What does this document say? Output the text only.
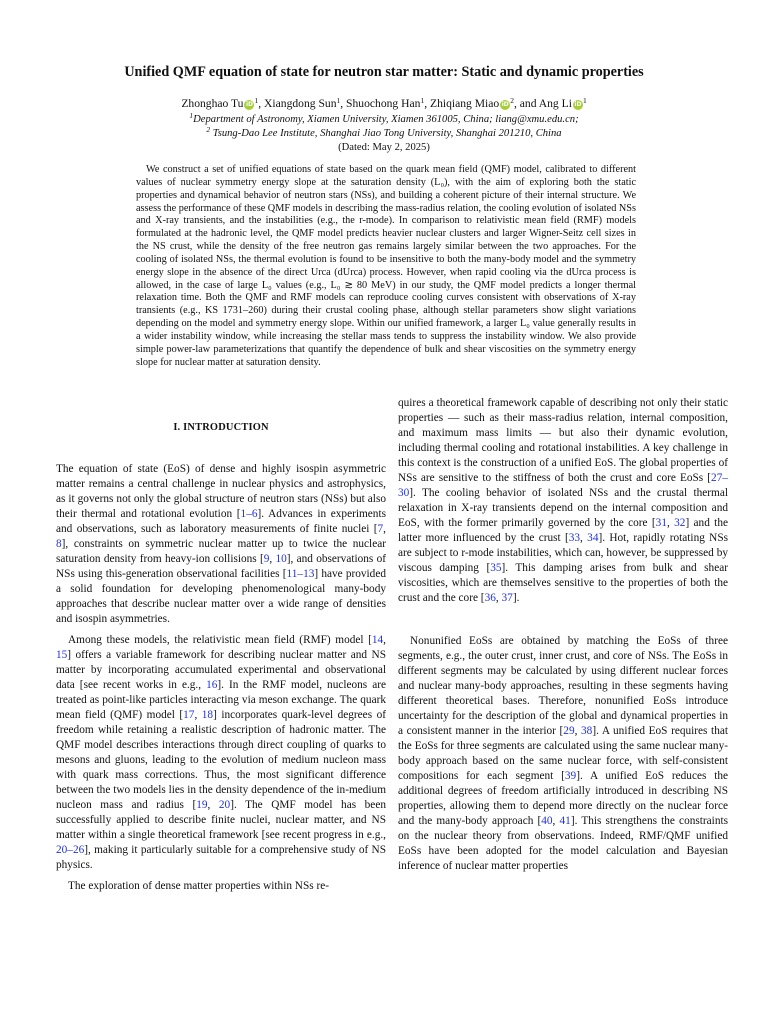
Unified QMF equation of state for neutron star matter: Static and dynamic properties
Zhonghao Tu $iD^1$, Xiangdong Sun$^1$, Shuochong Han$^1$, Zhiqiang Miao $iD^2$, and Ang Li $iD^1$
$^1$Department of Astronomy, Xiamen University, Xiamen 361005, China; liang@xmu.edu.cn;
$^2$ Tsung-Dao Lee Institute, Shanghai Jiao Tong University, Shanghai 201210, China
(Dated: May 2, 2025)
We construct a set of unified equations of state based on the quark mean field (QMF) model, calibrated to different values of nuclear symmetry energy slope at the saturation density (L₀), with the aim of exploring both the static properties and dynamical behavior of neutron stars (NSs), and building a coherent picture of their internal structure. We assess the performance of these QMF models in describing the mass-radius relation, the cooling evolution of isolated NSs and X-ray transients, and the instabilities (e.g., the r-mode). In comparison to relativistic mean field (RMF) models formulated at the hadronic level, the QMF model predicts heavier nuclear clusters and larger Wigner-Seitz cell sizes in the NS crust, while the density of the free neutron gas remains largely similar between the two approaches. For the cooling of isolated NSs, the thermal evolution is found to be insensitive to both the many-body model and the symmetry energy slope in the absence of the direct Urca (dUrca) process. However, when rapid cooling via the dUrca process is allowed, in the case of large L₀ values (e.g., L₀ ≳ 80 MeV) in our study, the QMF model predicts a longer thermal relaxation time. Both the QMF and RMF models can reproduce cooling curves consistent with observations of X-ray transients (e.g., KS 1731–260) during their crustal cooling phase, although stellar parameters show slight variations depending on the model and symmetry energy slope. Within our unified framework, a larger L₀ value generally results in a wider instability window, while increasing the stellar mass tends to suppress the instability window. We also provide simple power-law parameterizations that quantify the dependence of bulk and shear viscosities on the symmetry energy slope for nuclear matter at saturation density.
I. INTRODUCTION

The equation of state (EoS) of dense and highly isospin asymmetric matter remains a central challenge in nuclear physics and astrophysics, as it governs not only the global structure of neutron stars (NSs) but also their thermal and rotational evolution [1–6]. Advances in experiments and observations, such as laboratory measurements of finite nuclei [7, 8], constraints on symmetric nuclear matter up to twice the nuclear saturation density from heavy-ion collisions [9, 10], and observations of NSs using this-generation observational facilities [11–13] have provided a solid foundation for developing phenomenological many-body approaches that describe nuclear matter over a wide range of densities and isospin asymmetries.

Among these models, the relativistic mean field (RMF) model [14, 15] offers a variable framework for describing nuclear matter and NS matter by incorporating accumulated experimental and observational data [see recent works in e.g., 16]. In the RMF model, nucleons are treated as point-like particles interacting via meson exchange. The quark mean field (QMF) model [17, 18] incorporates quark-level degrees of freedom while retaining a realistic description of hadronic matter. The QMF model describes interactions through direct coupling of quarks to mesons and gluons, leading to the evolution of medium nucleon mass with quark mass corrections. Thus, the most significant difference between the two models lies in the density dependence of the in-medium nucleon mass and radius [19, 20]. The QMF model has been successfully applied to describe finite nuclei, nuclear matter, and NS matter within a single theoretical framework [see recent progress in e.g., 20–26], making it particularly suitable for a comprehensive study of NS physics.

The exploration of dense matter properties within NSs re-

quires a theoretical framework capable of describing not only their static properties — such as their mass-radius relation, internal composition, and maximum mass limits — but also their dynamic evolution, including thermal cooling and rotational instabilities. A key challenge in this context is the construction of a unified EoS. The global properties of NSs are sensitive to the stiffness of both the crust and core EoSs [27–30]. The cooling behavior of isolated NSs and the crustal thermal relaxation in X-ray transients depend on the internal composition and EoS, with the former primarily governed by the core [31, 32] and the latter more influenced by the crust [33, 34]. Hot, rapidly rotating NSs are subject to r-mode instabilities, which can, however, be suppressed by viscous damping [35]. This damping arises from bulk and shear viscosities, which are themselves sensitive to the properties of both the crust and the core [36, 37].

Nonunified EoSs are obtained by matching the EoSs of three segments, e.g., the outer crust, inner crust, and core of NSs. The EoSs in different segments may be calculated by using different nuclear forces and nuclear many-body approaches, resulting in these segments having different theoretical bases. Therefore, nonunified EoSs introduce uncertainty for the description of the global and dynamical properties in a consistent manner in the interior [29, 38]. A unified EoS requires that the EoSs for three segments are calculated using the same nuclear many-body approach based on the same nuclear force, with self-consistent compositions for each segment [39]. A unified EoS reduces the additional degrees of freedom artificially introduced in describing NS properties, allowing them to depend more directly on the nuclear force and the many-body approach [40, 41]. This strengthens the constraints on the nuclear theory from observations. Indeed, RMF/QMF unified EoSs have been adopted for the model calculation and Bayesian inference of nuclear matter properties
